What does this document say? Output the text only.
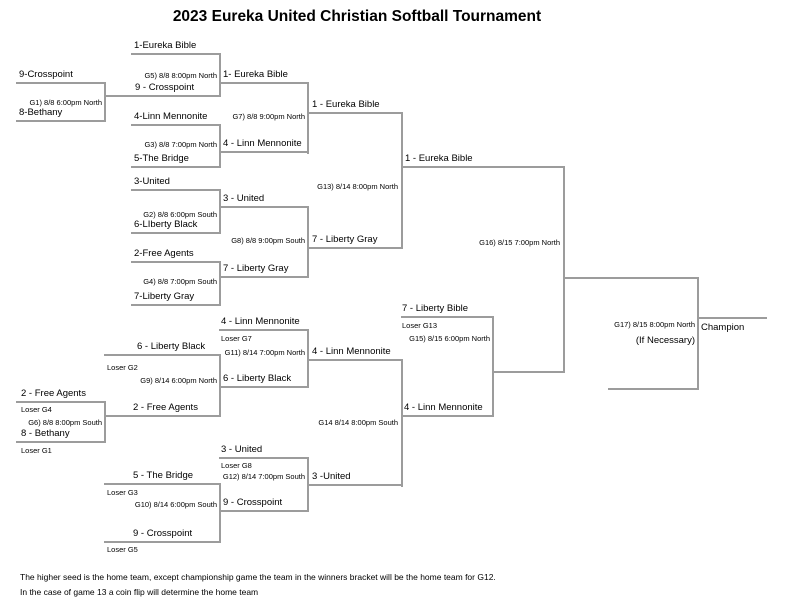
2023 Eureka United Christian Softball Tournament
9-Crosspoint
8-Bethany
1-Eureka Bible
4-Linn Mennonite
5-The Bridge
3-United
6-LIberty Black
2-Free Agents
7-Liberty Gray
9 - Crosspoint
1- Eureka Bible
4 - Linn Mennonite
3 - United
7 - Liberty Gray
1 - Eureka Bible
7 - Liberty Gray
1 - Eureka Bible
G1) 8/8 6:00pm North
G5) 8/8 8:00pm North
G3) 8/8 7:00pm North
G2) 8/8 6:00pm South
G4) 8/8 7:00pm South
G7) 8/8 9:00pm North
G8) 8/8 9:00pm South
G13) 8/14 8:00pm North
G16) 8/15 7:00pm North
4 - Linn Mennonite
Loser G7
6 - Liberty Black
Loser G2
2 - Free Agents
Loser G4
8 - Bethany
Loser G1	3 - United
Loser G8
5 - The Bridge
Loser G3
9 - Crosspoint
Loser G5
7 - Liberty Bible
Loser G13
2 - Free Agents
6 - Liberty Black
4 - Linn Mennonite
9 - Crosspoint
3 -United
4 - Linn Mennonite
G6) 8/8 8:00pm South
G9) 8/14 6:00pm North
G11) 8/14 7:00pm North
G10) 8/14 6:00pm South
G12) 8/14 7:00pm South
G14 8/14 8:00pm South
G15) 8/15 6:00pm North
G17) 8/15 8:00pm North
(If Necessary)
Champion
The higher seed is the home team, except championship game the team in the winners bracket will be the home team for G12.
In the case of game 13 a coin flip will determine the home team
